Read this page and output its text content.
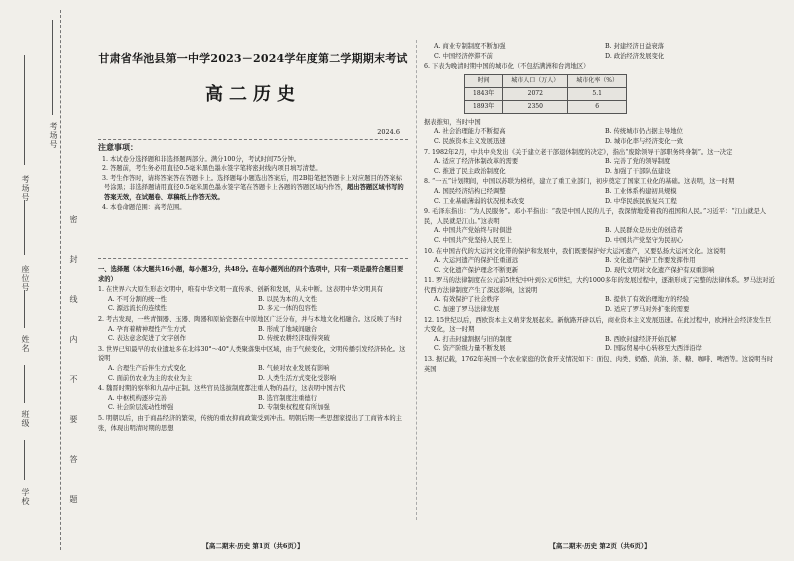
考场号
考场号
座位号
姓名
班级
学校
密
封
线
内
不
要
答
题
甘肃省华池县第一中学2023－2024学年度第二学期期末考试
高二历史
2024.6
注意事项：
1. 本试卷分选择题和非选择题两部分。满分100分，考试时间75分钟。
2. 答题前，考生务必用直径0.5毫米黑色墨水签字笔将密封线内项目填写清楚。
3. 考生作答时，请将答案答在答题卡上。选择题每小题选出答案后，用2B铅笔把答题卡上对应题目的答案标号涂黑；非选择题请用直径0.5毫米黑色墨水签字笔在答题卡上各题的答题区域内作答，超出答题区域书写的答案无效，在试题卷、草稿纸上作答无效。
4. 本卷命题范围：高考范围。
一、选择题（本大题共16小题，每小题3分，共48分。在每小题列出的四个选项中，只有一项是最符合题目要求的）
1. 在世界六大原生形态文明中，唯有中华文明一直传承、创新和发展，从未中断。这表明中华文明具有
A. 不可分割的统一性	B. 以民为本的人文性
C. 源远流长的连续性	D. 多元一体的包容性
2. 考古发现，一些青铜器、玉器、陶器和原始瓷器在中原地区广泛分布，并与本地文化相融合。这反映了当时
A. 孕育着精神理性产生方式	B. 形成了地域间融合
C. 表达意念促进了文字创作	D. 传统农耕经济取得突破
3. 世界已知最早的农业遗址多在北纬30°～40°人类聚落集中区域，由于气候变化，文明传播引发经济转化。这说明
A. 合理生产后伴生方式变化	B. 气候对农业发展有影响
C. 面前仿农业为主的农业为主	D. 人类生活方式变化受影响
4. 魏晋时期的察举和九品中正制。这些官员选拔制度都注重人物的品行，这表明中国古代
A. 中枢机构逐步完善	B. 选官制度注重德行
C. 社会阶层流动性增强	D. 专制集权程度有所加强
5. 明朝以后，由于商品经济的繁荣，传统的重农抑商政策受到冲击。明朝后期一些思想家提出了工商皆本的主张，体现出明清时期的思想
【高二期末·历史 第1页（共6页）】
A. 商业专制制度不断加强	B. 封建经济日益衰落
C. 中国经济停滞不前	D. 政治经济发展变化
6. 下表为晚清时期中国的城市化（不包括满洲和台湾地区）
时间	城市人口（万人）	城市化率（%）
1843年	2072	5.1
1893年	2350	6
据表推知，当时中国
A. 社会治理能力不断提高	B. 传统城市仍占据主导地位
C. 民族资本主义发展迅速	D. 城市化率与经济变化一致
7. 1982年2月，中共中央发出《关于建立老干部退休制度的决定》，指出“废除领导干部职务终身制”。这一决定
A. 适应了经济体制改革的需要	B. 完善了党的领导制度
C. 推进了民主政治制度化	D. 加强了干部队伍建设
8. “一五”计划期间，中国以苏联为榜样，建立了重工业部门，初步奠定了国家工业化的基础。这表明，这一时期
A. 国民经济结构已经调整	B. 工业体系构建初具规模
C. 工业基础薄弱的状况根本改变	D. 中华民族民族复兴工程
9. 毛泽东指出：“为人民服务”。邓小平指出：“我是中国人民的儿子，我深情地爱着我的祖国和人民。”习近平：“江山就是人民，人民就是江山。”这表明
A. 中国共产党始终与时俱进	B. 人民群众是历史的创造者
C. 中国共产党坚持人民至上	D. 中国共产党坚守为民初心
10. 在中国古代的大运河文化带的保护和发展中，我们既要保护好大运河遗产，又要弘扬大运河文化。这说明
A. 大运河遗产的保护任重道远	B. 文化遗产保护工作要发挥作用
C. 文化遗产保护理念不断更新	D. 现代文明对文化遗产保护有双重影响
11. 罗马的法律制度在公元前5世纪中叶到公元6世纪，大约1000多年的发展过程中，逐渐形成了完整的法律体系。罗马法对近代西方法律制度产生了深远影响，这说明
A. 有效保护了社会秩序	B. 提供了有效治理地方的经验
C. 加速了罗马法律发展	D. 适应了罗马对外扩张的需要
12. 15世纪以后，西欧资本主义萌芽发展起来。新航路开辟以后，商业资本主义发展迅速。在此过程中，欧洲社会经济发生巨大变化，这一时期
A. 打击封建割据与旧的制度	B. 西欧封建经济开始瓦解
C. 资产阶级力量不断发展	D. 国际贸易中心转移至大西洋沿岸
13. 据记载，1762年英国一个农业家庭的饮食开支情况如下：面包、肉类、奶酪、黄油、茶、糖、咖啡、啤酒等。这说明当时英国
【高二期末·历史 第2页（共6页）】
